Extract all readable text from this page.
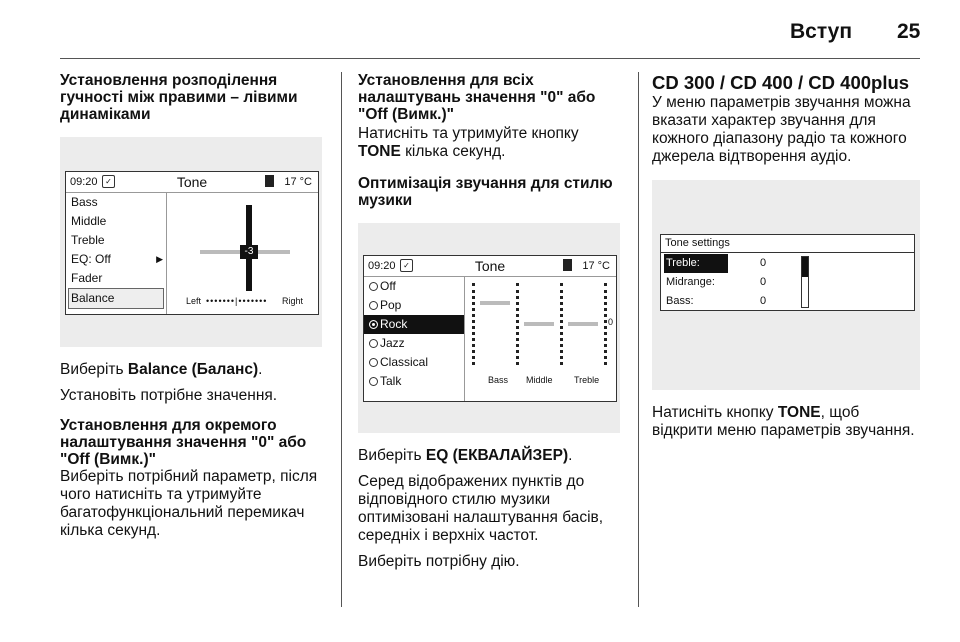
Вступ 25
Установлення розподілення гучності між правими – лівими динаміками
09:20 ✓	Tone	17 °C
Bass
Middle
Treble
EQ: Off	▶
Fader
Balance
-3
Left •••••••|••••••• Right

Виберіть Balance (Баланс).

Установіть потрібне значення.

Установлення для окремого налаштування значення "0" або "Off (Вимк.)"

Виберіть потрібний параметр, після чого натисніть та утримуйте багатофункціональний перемикач кілька секунд.

Установлення для всіх налаштувань значення "0" або "Off (Вимк.)"

Натисніть та утримуйте кнопку TONE кілька секунд.

Оптимізація звучання для стилю музики
09:20 ✓	Tone	17 °C
Off
Pop
Rock
Jazz
Classical
Talk
0
Bass Middle Treble

Виберіть EQ (ЕКВАЛАЙЗЕР).

Серед відображених пунктів до відповідного стилю музики оптимізовані налаштування басів, середніх і верхніх частот.

Виберіть потрібну дію.

CD 300 / CD 400 / CD 400plus

У меню параметрів звучання можна вказати характер звучання для кожного діапазону радіо та кожного джерела відтворення аудіо.

Tone settings
Treble:	0
Midrange:	0
Bass:	0

Натисніть кнопку TONE, щоб відкрити меню параметрів звучання.
